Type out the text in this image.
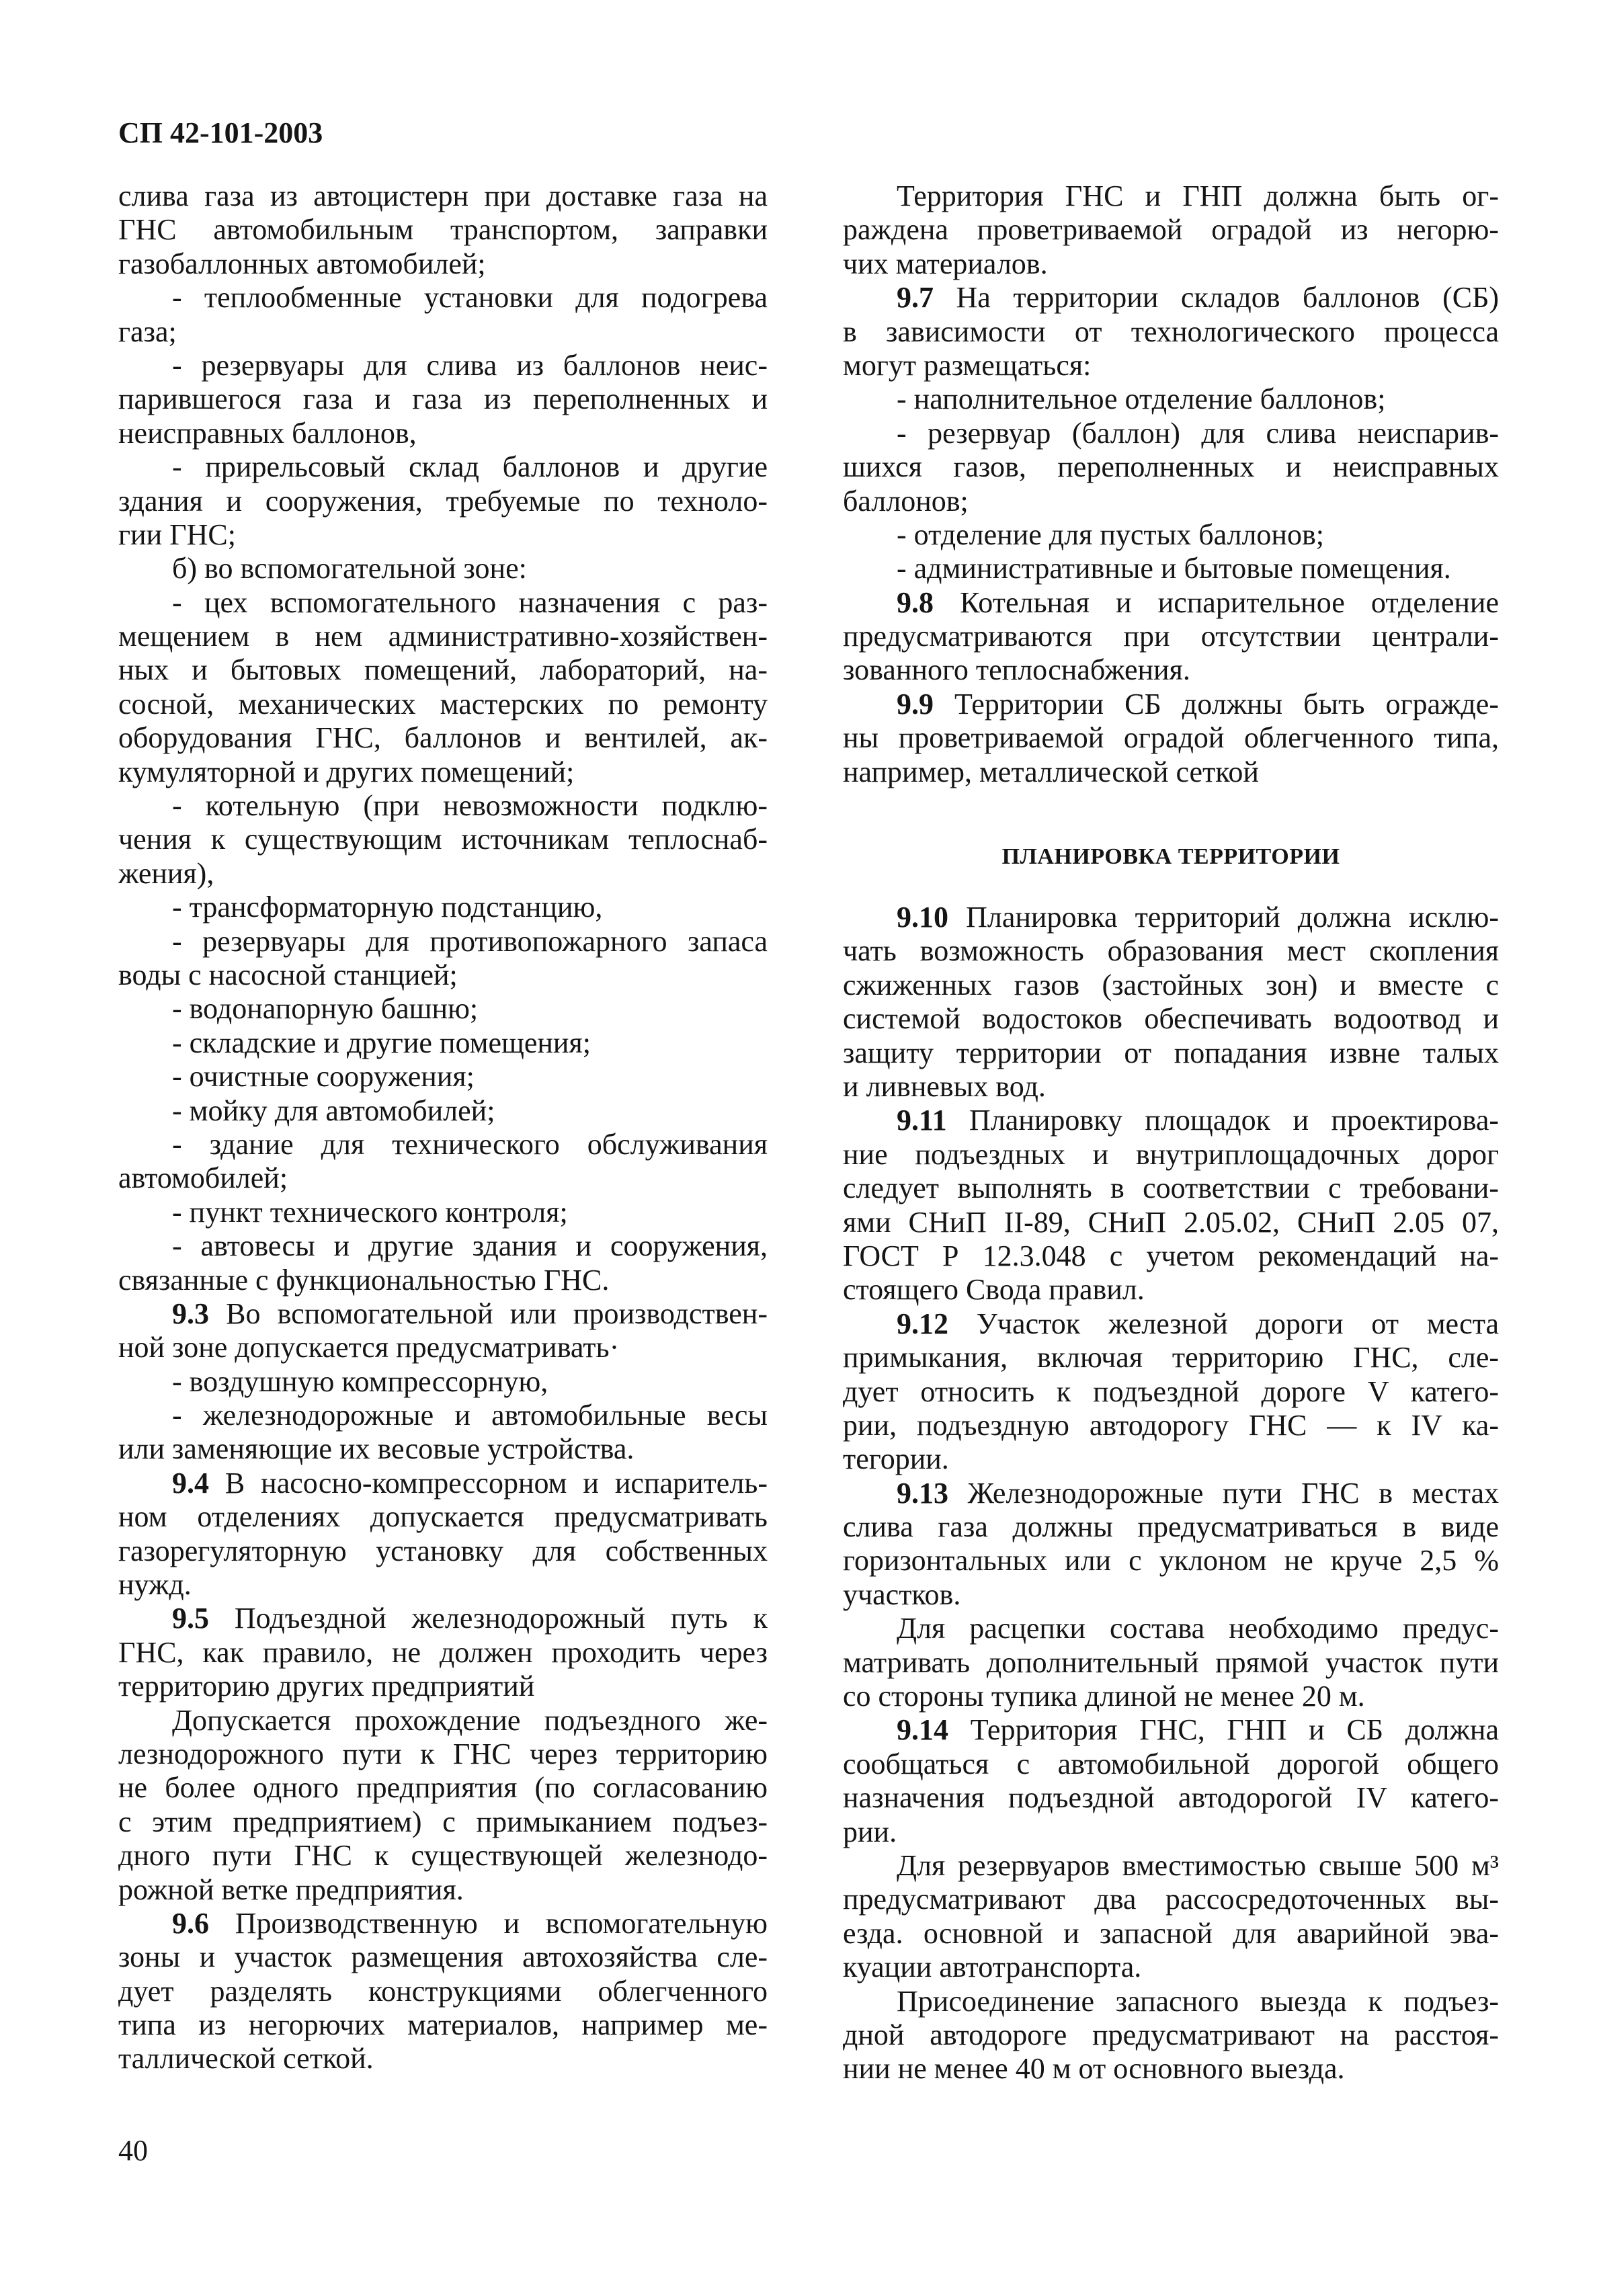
СП 42-101-2003
слива газа из автоцистерн при доставке газа на
ГНС автомобильным транспортом, заправки
газобаллонных автомобилей;
- теплообменные установки для подогрева
газа;
- резервуары для слива из баллонов неис-
парившегося газа и газа из переполненных и
неисправных баллонов,
- прирельсовый склад баллонов и другие
здания и сооружения, требуемые по техноло-
гии ГНС;
б) во вспомогательной зоне:
- цех вспомогательного назначения с раз-
мещением в нем административно-хозяйствен-
ных и бытовых помещений, лабораторий, на-
сосной, механических мастерских по ремонту
оборудования ГНС, баллонов и вентилей, ак-
кумуляторной и других помещений;
- котельную (при невозможности подклю-
чения к существующим источникам теплоснаб-
жения),
- трансформаторную подстанцию,
- резервуары для противопожарного запаса
воды с насосной станцией;
- водонапорную башню;
- складские и другие помещения;
- очистные сооружения;
- мойку для автомобилей;
- здание для технического обслуживания
автомобилей;
- пункт технического контроля;
- автовесы и другие здания и сооружения,
связанные с функциональностью ГНС.
9.3 Во вспомогательной или производствен-
ной зоне допускается предусматривать·
- воздушную компрессорную,
- железнодорожные и автомобильные весы
или заменяющие их весовые устройства.
9.4 В насосно-компрессорном и испаритель-
ном отделениях допускается предусматривать
газорегуляторную установку для собственных
нужд.
9.5 Подъездной железнодорожный путь к
ГНС, как правило, не должен проходить через
территорию других предприятий
Допускается прохождение подъездного же-
лезнодорожного пути к ГНС через территорию
не более одного предприятия (по согласованию
с этим предприятием) с примыканием подъез-
дного пути ГНС к существующей железнодо-
рожной ветке предприятия.
9.6 Производственную и вспомогательную
зоны и участок размещения автохозяйства сле-
дует разделять конструкциями облегченного
типа из негорючих материалов, например ме-
таллической сеткой.
Территория ГНС и ГНП должна быть ог-
раждена проветриваемой оградой из негорю-
чих материалов.
9.7 На территории складов баллонов (СБ)
в зависимости от технологического процесса
могут размещаться:
- наполнительное отделение баллонов;
- резервуар (баллон) для слива неиспарив-
шихся газов, переполненных и неисправных
баллонов;
- отделение для пустых баллонов;
- административные и бытовые помещения.
9.8 Котельная и испарительное отделение
предусматриваются при отсутствии централи-
зованного теплоснабжения.
9.9 Территории СБ должны быть огражде-
ны проветриваемой оградой облегченного типа,
например, металлической сеткой
ПЛАНИРОВКА ТЕРРИТОРИИ
9.10 Планировка территорий должна исклю-
чать возможность образования мест скопления
сжиженных газов (застойных зон) и вместе с
системой водостоков обеспечивать водоотвод и
защиту территории от попадания извне талых
и ливневых вод.
9.11 Планировку площадок и проектирова-
ние подъездных и внутриплощадочных дорог
следует выполнять в соответствии с требовани-
ями СНиП II-89, СНиП 2.05.02, СНиП 2.05 07,
ГОСТ Р 12.3.048 с учетом рекомендаций на-
стоящего Свода правил.
9.12 Участок железной дороги от места
примыкания, включая территорию ГНС, сле-
дует относить к подъездной дороге V катего-
рии, подъездную автодорогу ГНС — к IV ка-
тегории.
9.13 Железнодорожные пути ГНС в местах
слива газа должны предусматриваться в виде
горизонтальных или с уклоном не круче 2,5 %
участков.
Для расцепки состава необходимо предус-
матривать дополнительный прямой участок пути
со стороны тупика длиной не менее 20 м.
9.14 Территория ГНС, ГНП и СБ должна
сообщаться с автомобильной дорогой общего
назначения подъездной автодорогой IV катего-
рии.
Для резервуаров вместимостью свыше 500 м³
предусматривают два рассосредоточенных вы-
езда. основной и запасной для аварийной эва-
куации автотранспорта.
Присоединение запасного выезда к подъез-
дной автодороге предусматривают на расстоя-
нии не менее 40 м от основного выезда.
40
